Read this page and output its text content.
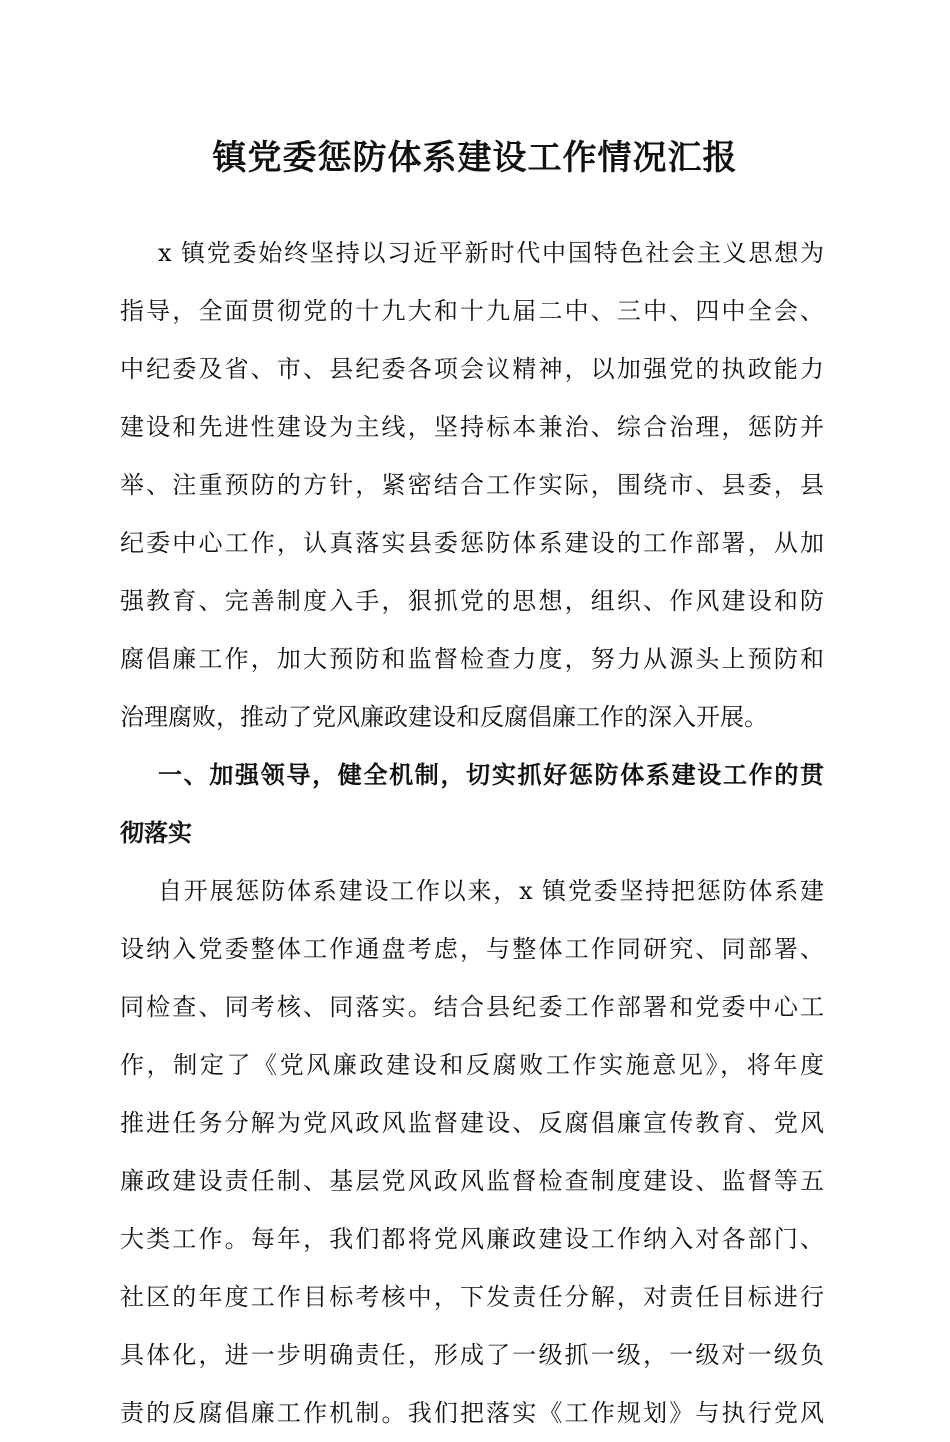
镇党委惩防体系建设工作情况汇报
x 镇党委始终坚持以习近平新时代中国特色社会主义思想为
指导，全面贯彻党的十九大和十九届二中、三中、四中全会、
中纪委及省、市、县纪委各项会议精神，以加强党的执政能力
建设和先进性建设为主线，坚持标本兼治、综合治理，惩防并
举、注重预防的方针，紧密结合工作实际，围绕市、县委，县
纪委中心工作，认真落实县委惩防体系建设的工作部署，从加
强教育、完善制度入手，狠抓党的思想，组织、作风建设和防
腐倡廉工作，加大预防和监督检查力度，努力从源头上预防和
治理腐败，推动了党风廉政建设和反腐倡廉工作的深入开展。
一、加强领导，健全机制，切实抓好惩防体系建设工作的贯
彻落实
自开展惩防体系建设工作以来，x 镇党委坚持把惩防体系建
设纳入党委整体工作通盘考虑，与整体工作同研究、同部署、
同检查、同考核、同落实。结合县纪委工作部署和党委中心工
作，制定了《党风廉政建设和反腐败工作实施意见》，将年度
推进任务分解为党风政风监督建设、反腐倡廉宣传教育、党风
廉政建设责任制、基层党风政风监督检查制度建设、监督等五
大类工作。每年，我们都将党风廉政建设工作纳入对各部门、
社区的年度工作目标考核中，下发责任分解，对责任目标进行
具体化，进一步明确责任，形成了一级抓一级，一级对一级负
责的反腐倡廉工作机制。我们把落实《工作规划》与执行党风
